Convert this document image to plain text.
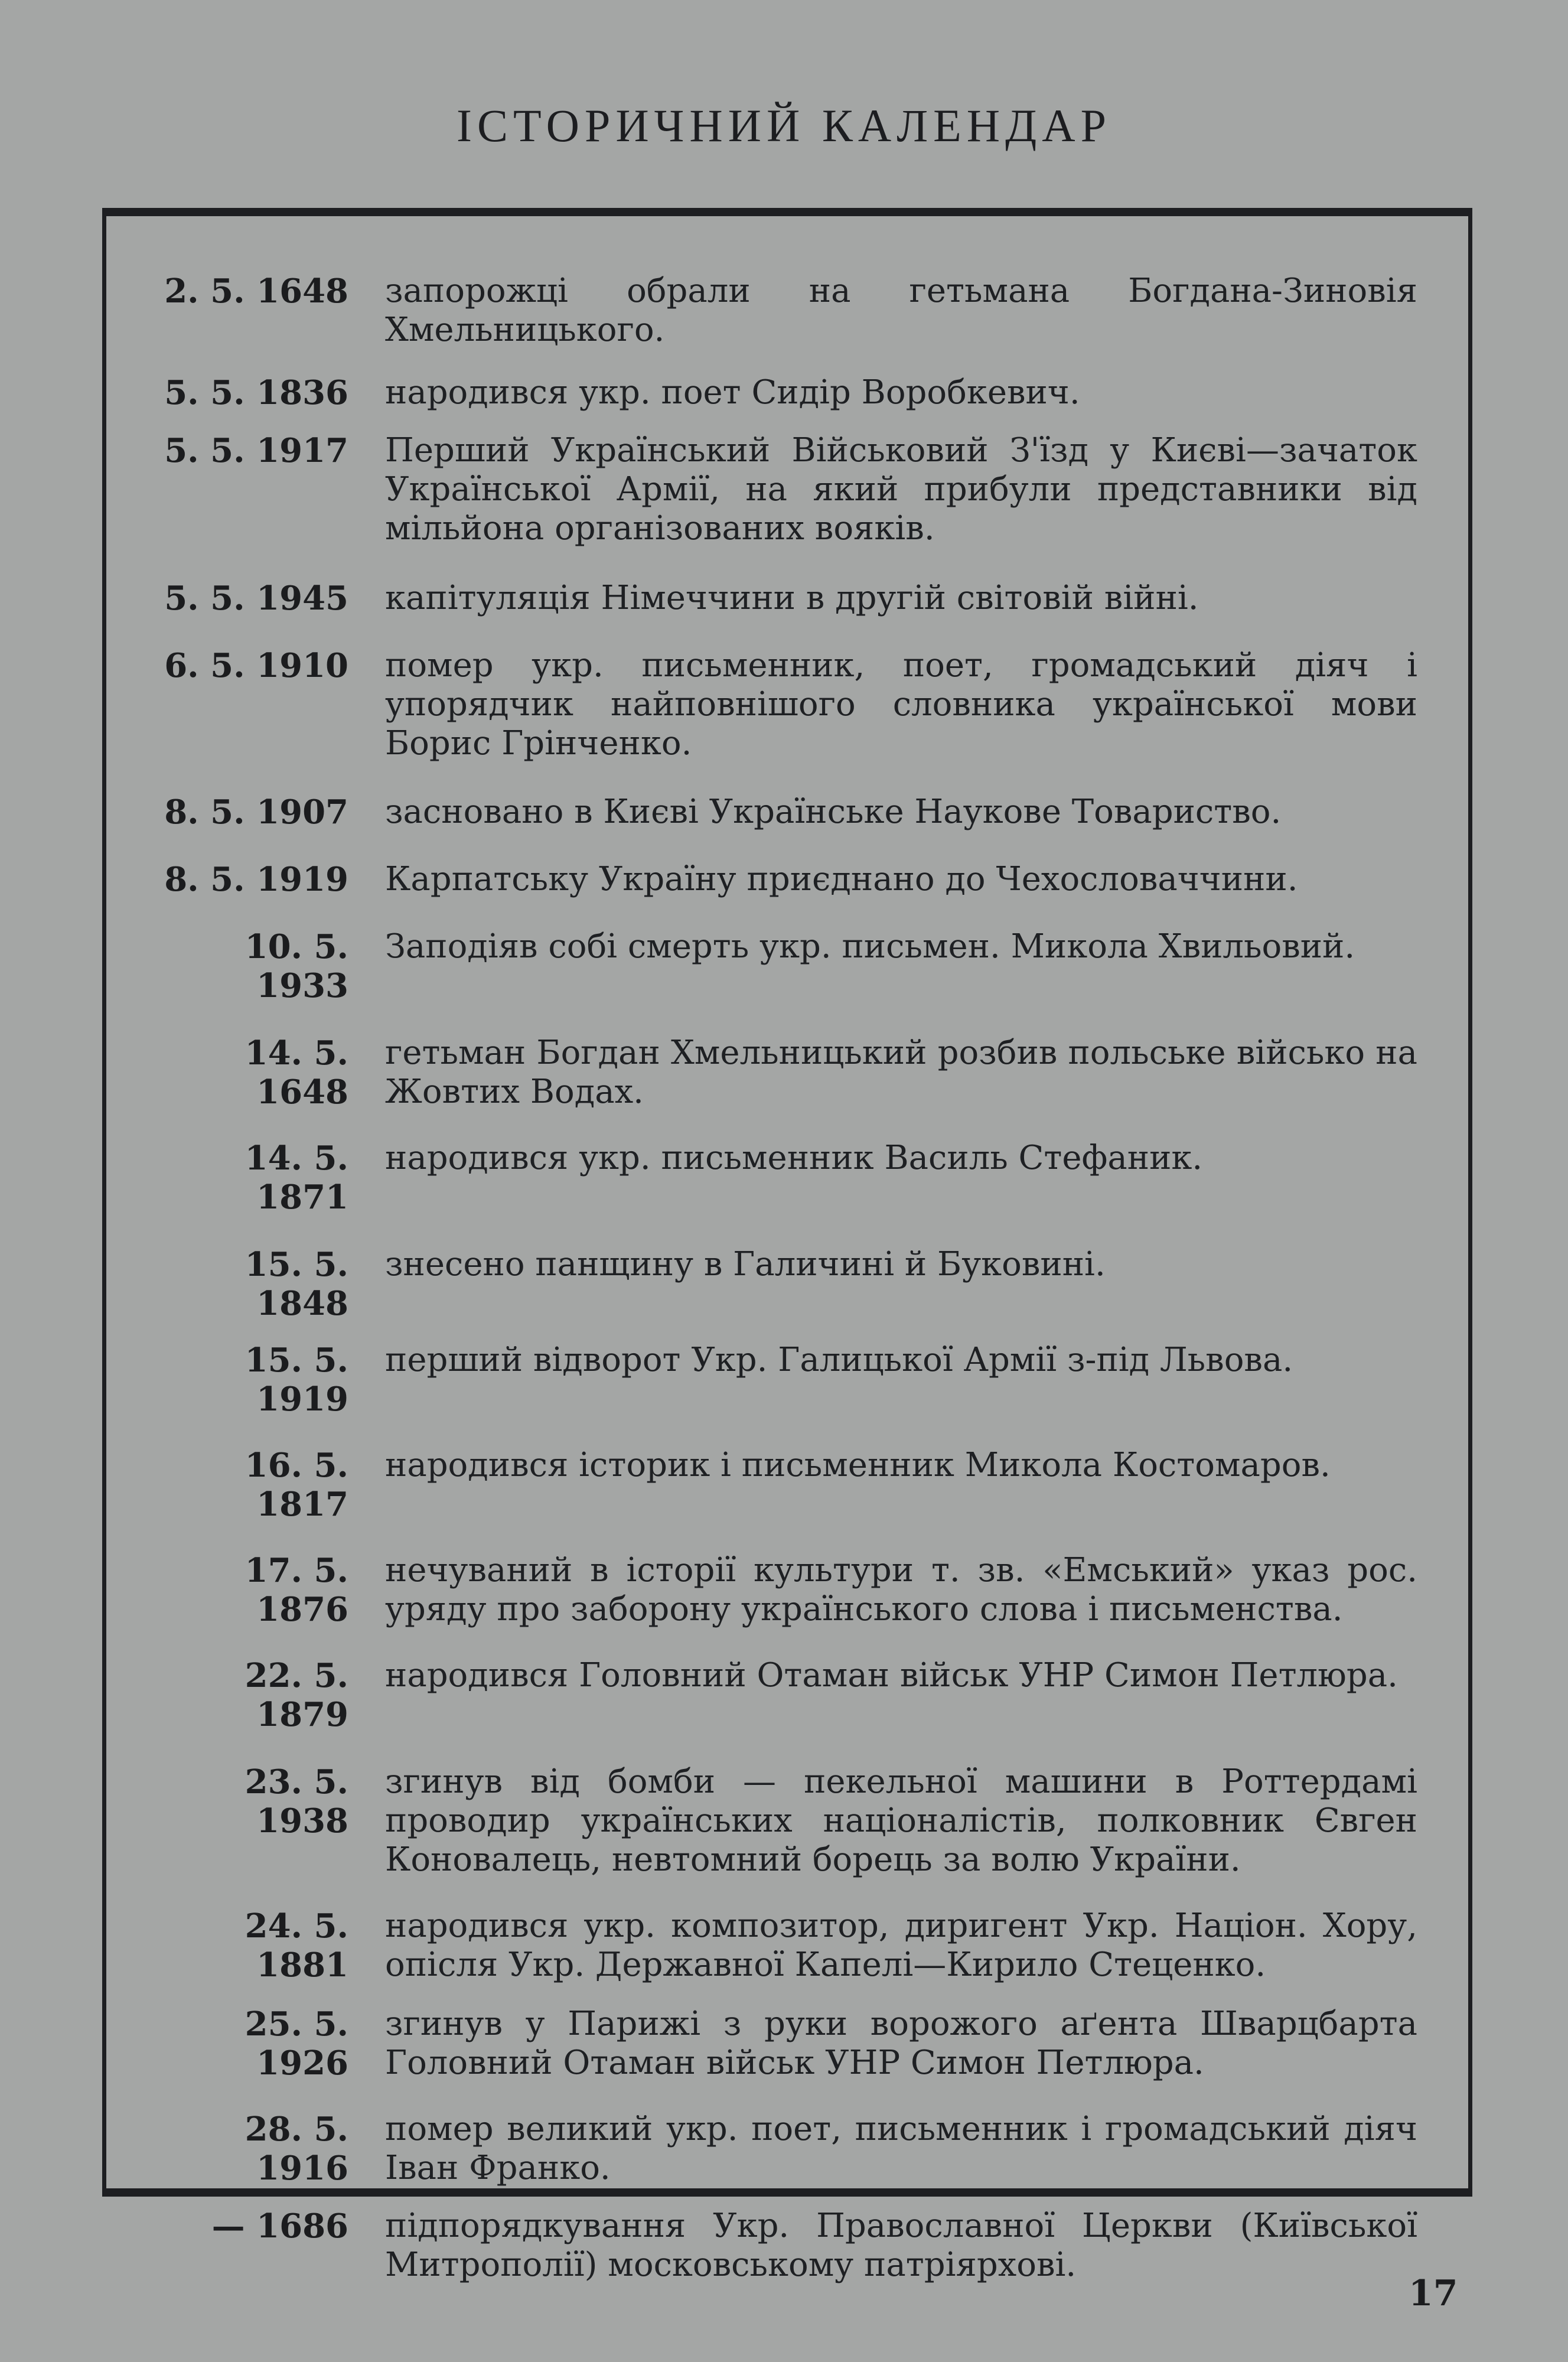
ІСТОРИЧНИЙ КАЛЕНДАР
2. 5. 1648 запорожці обрали на гетьмана Богдана-Зиновія Хмельницького.
5. 5. 1836 народився укр. поет Сидір Воробкевич.
5. 5. 1917 Перший Український Військовий З'їзд у Києві—зачаток Української Армії, на який прибули представники від мільйона організованих вояків.
5. 5. 1945 капітуляція Німеччини в другій світовій війні.
6. 5. 1910 помер укр. письменник, поет, громадський діяч і упорядчик найповнішого словника української мови Борис Грінченко.
8. 5. 1907 засновано в Києві Українське Наукове Товариство.
8. 5. 1919 Карпатську Україну приєднано до Чехословаччини.
10. 5. 1933
Заподіяв собі смерть укр. письмен. Микола Хвильовий.
14. 5. 1648
гетьман Богдан Хмельницький розбив польське військо на Жовтих Водах.
14. 5. 1871
народився укр. письменник Василь Стефаник.
15. 5. 1848
знесено панщину в Галичині й Буковині.
15. 5. 1919
перший відворот Укр. Галицької Армії з-під Львова.
16. 5. 1817
народився історик і письменник Микола Костомаров.
17. 5. 1876
нечуваний в історії культури т. зв. «Емський» указ рос. уряду про заборону українського слова і письменства.
22. 5. 1879
народився Головний Отаман військ УНР Симон Петлюра.
23. 5. 1938
згинув від бомби — пекельної машини в Роттердамі проводир українських націоналістів, полковник Євген Коновалець, невтомний борець за волю України.
24. 5. 1881
народився укр. композитор, диригент Укр. Націон. Хору, опісля Укр. Державної Капелі—Кирило Стеценко.
25. 5. 1926
згинув у Парижі з руки ворожого аґента Шварцбарта Головний Отаман військ УНР Симон Петлюра.
28. 5. 1916
помер великий укр. поет, письменник і громадський діяч Іван Франко.
— 1686 підпорядкування Укр. Православної Церкви (Київської Митрополії) московському патріярхові.
17
